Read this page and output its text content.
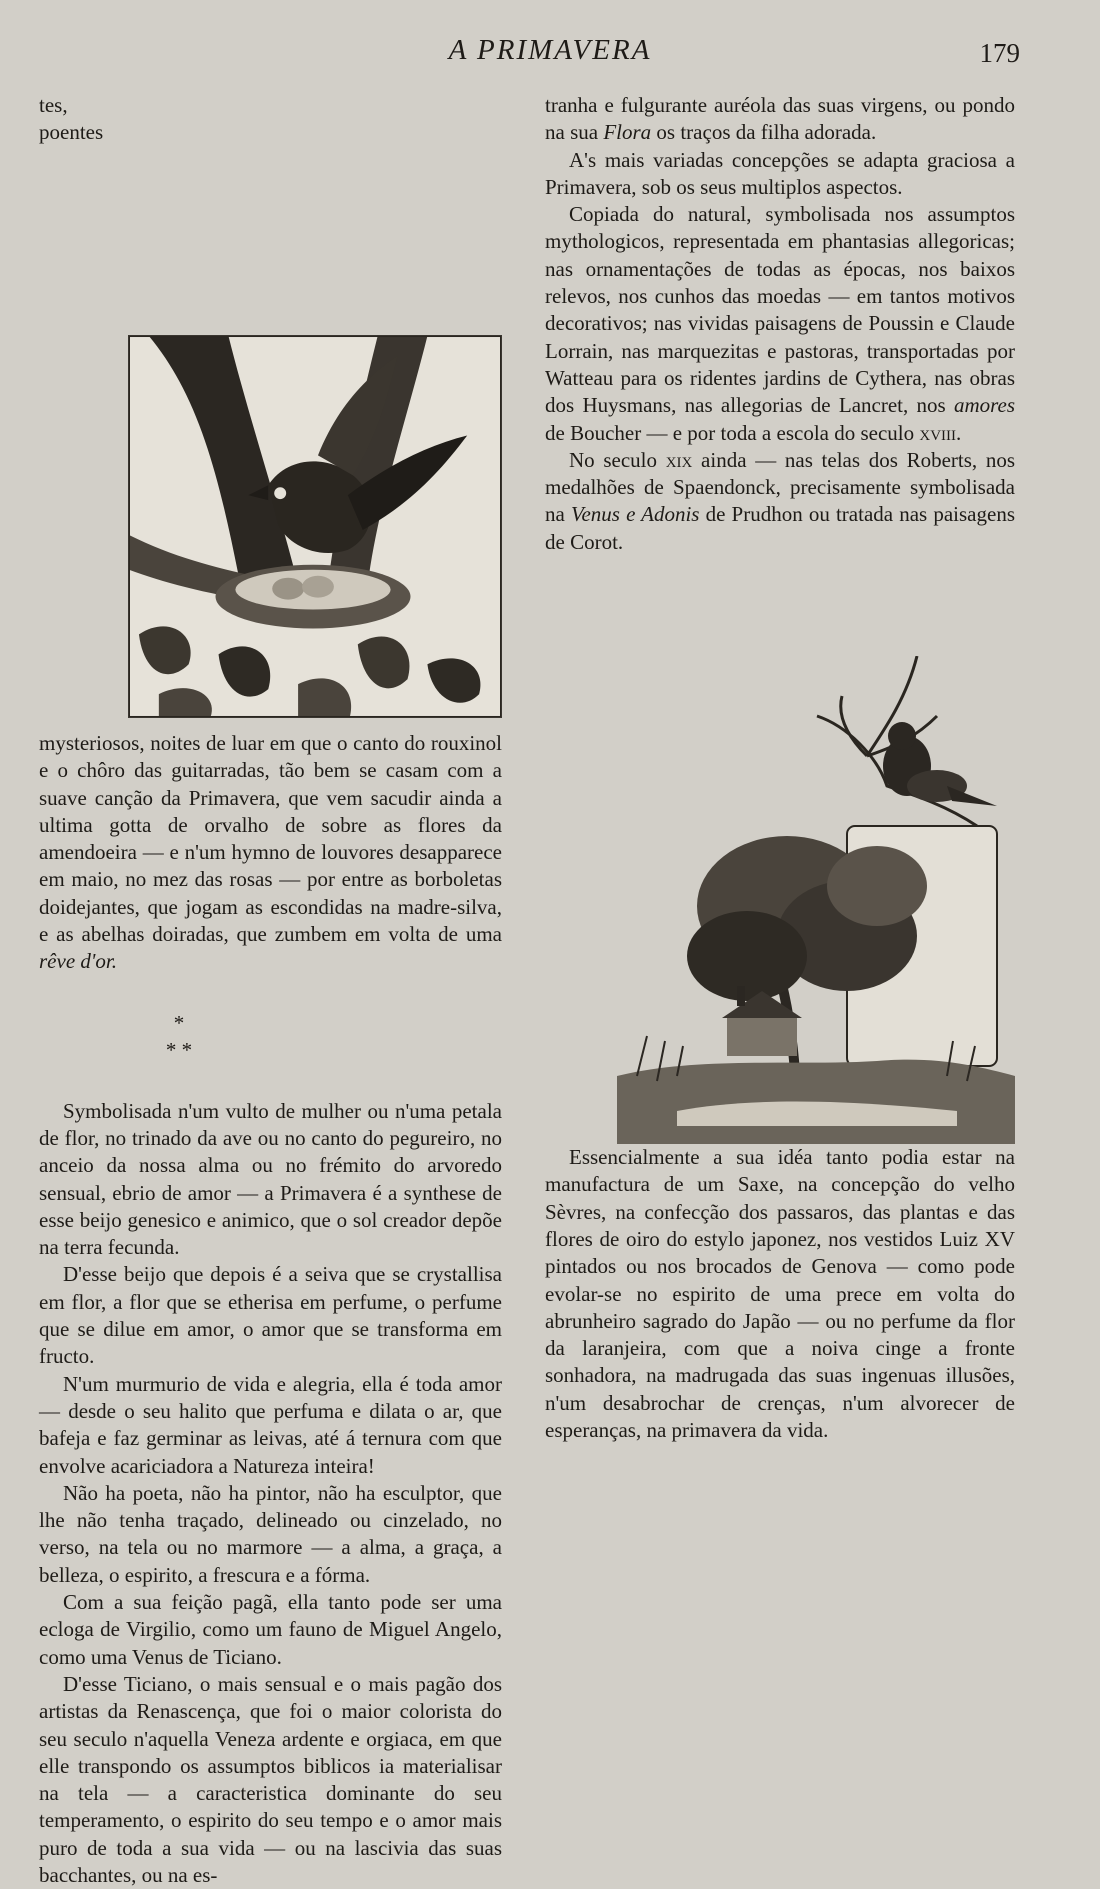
A PRIMAVERA	179

tes, poentes mysteriosos, noites de luar em que o canto do rouxinol e o chôro das guitarradas, tão bem se casam com a suave canção da Primavera, que vem sacudir ainda a ultima gotta de orvalho de sobre as flores da amendoeira — e n'um hymno de louvores desapparece em maio, no mez das rosas — por entre as borboletas doidejantes, que jogam as escondidas na madre-silva, e as abelhas doiradas, que zumbem em volta de uma rêve d'or.

*
* *

Symbolisada n'um vulto de mulher ou n'uma petala de flor, no trinado da ave ou no canto do pegureiro, no anceio da nossa alma ou no frémito do arvoredo sensual, ebrio de amor — a Primavera é a synthese de esse beijo genesico e animico, que o sol creador depõe na terra fecunda.

D'esse beijo que depois é a seiva que se crystallisa em flor, a flor que se etherisa em perfume, o perfume que se dilue em amor, o amor que se transforma em fructo.

N'um murmurio de vida e alegria, ella é toda amor — desde o seu halito que perfuma e dilata o ar, que bafeja e faz germinar as leivas, até á ternura com que envolve acariciadora a Natureza inteira!

Não ha poeta, não ha pintor, não ha esculptor, que lhe não tenha traçado, delineado ou cinzelado, no verso, na tela ou no marmore — a alma, a graça, a belleza, o espirito, a frescura e a fórma.

Com a sua feição pagã, ella tanto pode ser uma ecloga de Virgilio, como um fauno de Miguel Angelo, como uma Venus de Ticiano.

D'esse Ticiano, o mais sensual e o mais pagão dos artistas da Renascença, que foi o maior colorista do seu seculo n'aquella Veneza ardente e orgiaca, em que elle transpondo os assumptos biblicos ia materialisar na tela — a caracteristica dominante do seu temperamento, o espirito do seu tempo e o amor mais puro de toda a sua vida — ou na lascivia das suas bacchantes, ou na es-

tranha e fulgurante auréola das suas virgens, ou pondo na sua Flora os traços da filha adorada.

A's mais variadas concepções se adapta graciosa a Primavera, sob os seus multiplos aspectos.

Copiada do natural, symbolisada nos assumptos mythologicos, representada em phantasias allegoricas; nas ornamentações de todas as épocas, nos baixos relevos, nos cunhos das moedas — em tantos motivos decorativos; nas vividas paisagens de Poussin e Claude Lorrain, nas marquezitas e pastoras, transportadas por Watteau para os ridentes jardins de Cythera, nas obras dos Huysmans, nas allegorias de Lancret, nos amores de Boucher — e por toda a escola do seculo xviii.

No seculo xix ainda — nas telas dos Roberts, nos medalhões de Spaendonck, precisamente symbolisada na Venus e Adonis de Prudhon ou tratada nas paisagens de Corot.

Essencialmente a sua idéa tanto podia estar na manufactura de um Saxe, na concepção do velho Sèvres, na confecção dos passaros, das plantas e das flores de oiro do estylo japonez, nos vestidos Luiz XV pintados ou nos brocados de Genova — como pode evolar-se no espirito de uma prece em volta do abrunheiro sagrado do Japão — ou no perfume da flor da laranjeira, com que a noiva cinge a fronte sonhadora, na madrugada das suas ingenuas illusões, n'um desabrochar de crenças, n'um alvorecer de esperanças, na primavera da vida.
